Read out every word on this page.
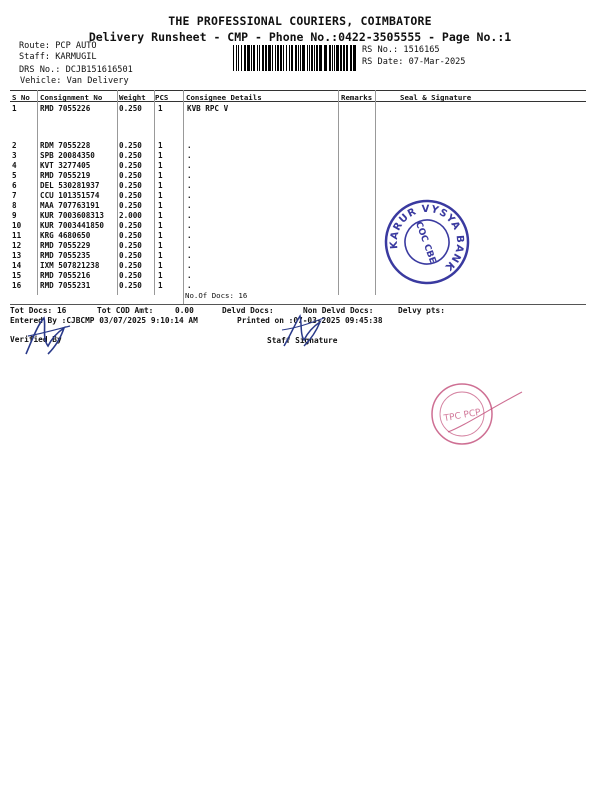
THE PROFESSIONAL COURIERS, COIMBATORE
Delivery Runsheet - CMP - Phone No.:0422-3505555 - Page No.:1
Route: PCP AUTO
Staff: KARMUGIL
DRS No.: DCJB151616501
Vehicle: Van Delivery
RS No.: 1516165
RS Date: 07-Mar-2025
S No Consignment No Weight PCS Consignee Details	Remarks	Seal & Signature
1	RMD 7055226	0.250 1	KVB RPC V
2	RDM 7055228	0.250 1	.
3	SPB 20084350	0.250 1	.
4	KVT 3277405	0.250 1	.
5	RMD 7055219	0.250 1	.
6	DEL 530281937	0.250 1	.
7	CCU 101351574	0.250 1	.
8	MAA 707763191	0.250 1	.
9	KUR 7003608313 2.000 1	.
10 KUR 7003441850 0.250 1	.
11 KRG 4680650	0.250 1	.
12 RMD 7055229	0.250 1	.
13 RMD 7055235	0.250 1	.
14 IXM 507821238	0.250 1	.
15 RMD 7055216	0.250 1	.
16 RMD 7055231	0.250 1	.
No.Of Docs: 16
Tot Docs: 16	Tot COD Amt:	0.00	Delvd Docs:	Non Delvd Docs:	Delvy pts:
Entered By :CJBCMP 03/07/2025 9:10:14 AM	Printed on :07-03-2025 09:45:38
Verified By	Staff Signature
KARUR VYSYA BANK
COC CBE
TPC PCP
